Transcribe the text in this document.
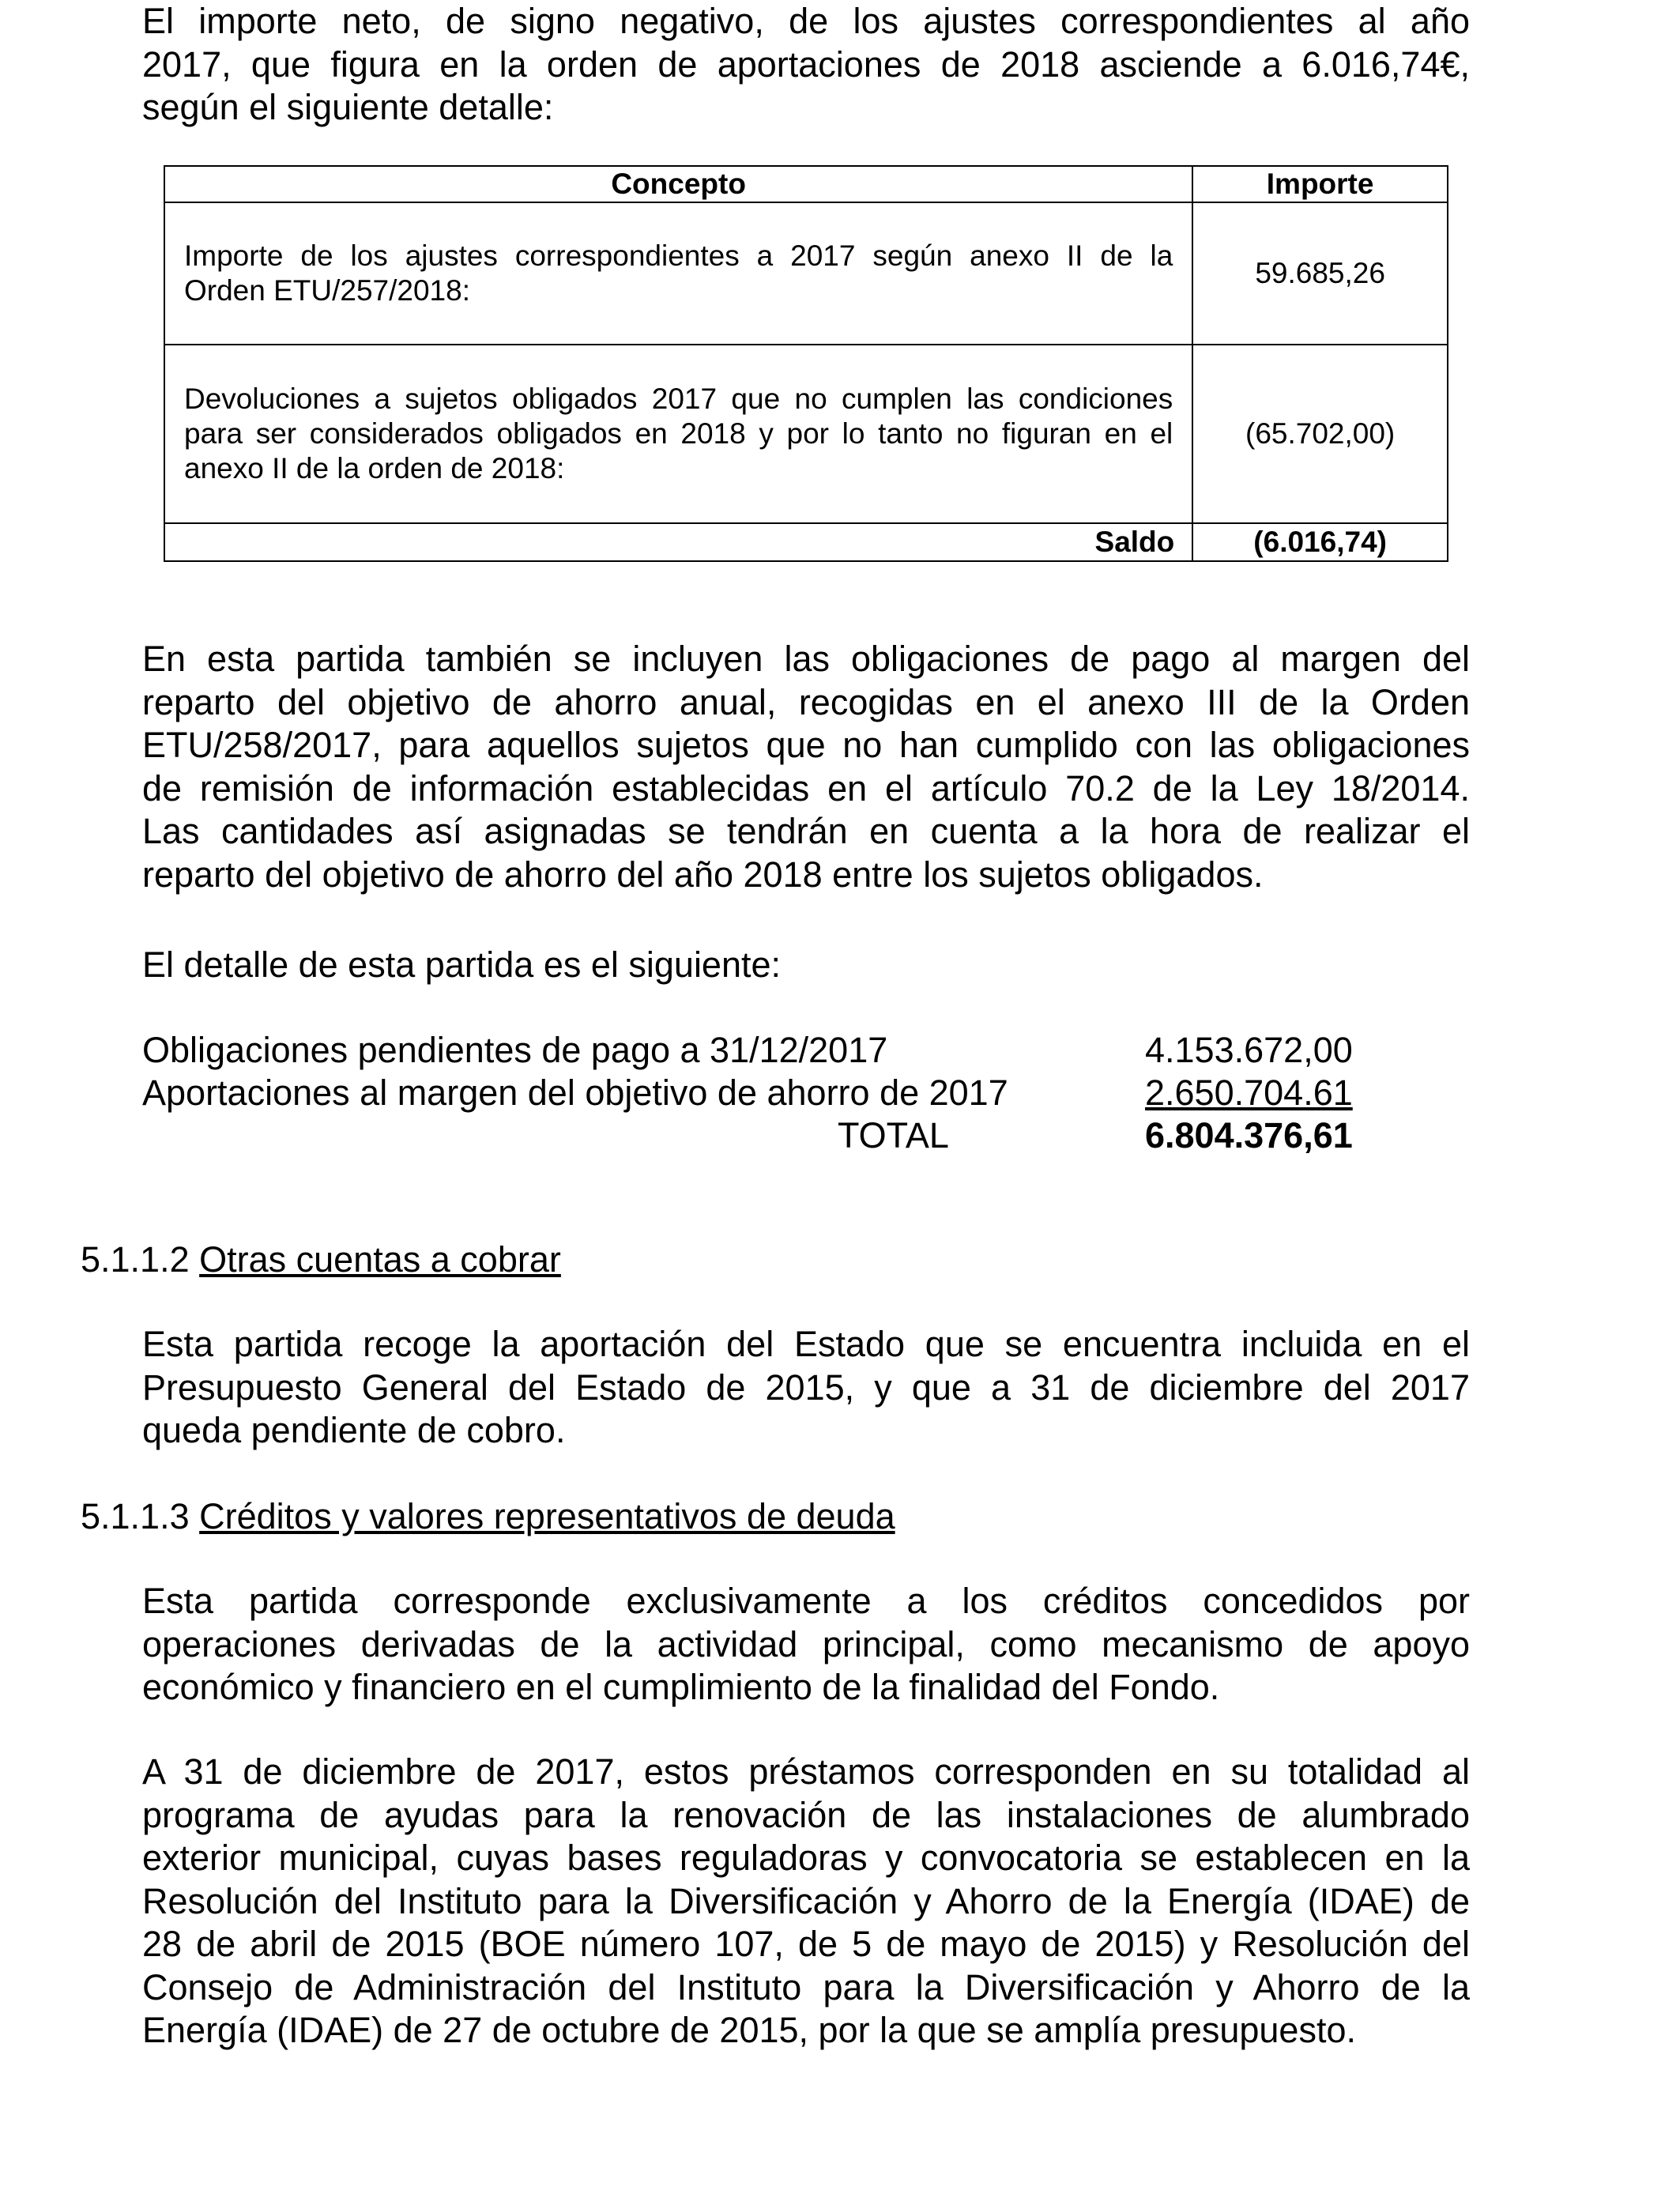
El importe neto, de signo negativo, de los ajustes correspondientes al año
2017, que figura en la orden de aportaciones de 2018 asciende a 6.016,74€,
según el siguiente detalle:
Concepto	Importe

Importe de los ajustes correspondientes a 2017 según anexo II de la
Orden ETU/257/2018:	59.685,26

Devoluciones a sujetos obligados 2017 que no cumplen las condiciones
para ser considerados obligados en 2018 y por lo tanto no figuran en el
anexo II de la orden de 2018:	(65.702,00)
Saldo	(6.016,74)
En esta partida también se incluyen las obligaciones de pago al margen del
reparto del objetivo de ahorro anual, recogidas en el anexo III de la Orden
ETU/258/2017, para aquellos sujetos que no han cumplido con las obligaciones
de remisión de información establecidas en el artículo 70.2 de la Ley 18/2014.
Las cantidades así asignadas se tendrán en cuenta a la hora de realizar el
reparto del objetivo de ahorro del año 2018 entre los sujetos obligados.
El detalle de esta partida es el siguiente:
Obligaciones pendientes de pago a 31/12/2017	4.153.672,00
Aportaciones al margen del objetivo de ahorro de 2017	2.650.704.61
TOTAL	6.804.376,61
5.1.1.2 Otras cuentas a cobrar
Esta partida recoge la aportación del Estado que se encuentra incluida en el
Presupuesto General del Estado de 2015, y que a 31 de diciembre del 2017
queda pendiente de cobro.
5.1.1.3 Créditos y valores representativos de deuda
Esta partida corresponde exclusivamente a los créditos concedidos por
operaciones derivadas de la actividad principal, como mecanismo de apoyo
económico y financiero en el cumplimiento de la finalidad del Fondo.
A 31 de diciembre de 2017, estos préstamos corresponden en su totalidad al
programa de ayudas para la renovación de las instalaciones de alumbrado
exterior municipal, cuyas bases reguladoras y convocatoria se establecen en la
Resolución del Instituto para la Diversificación y Ahorro de la Energía (IDAE) de
28 de abril de 2015 (BOE número 107, de 5 de mayo de 2015) y Resolución del
Consejo de Administración del Instituto para la Diversificación y Ahorro de la
Energía (IDAE) de 27 de octubre de 2015, por la que se amplía presupuesto.
